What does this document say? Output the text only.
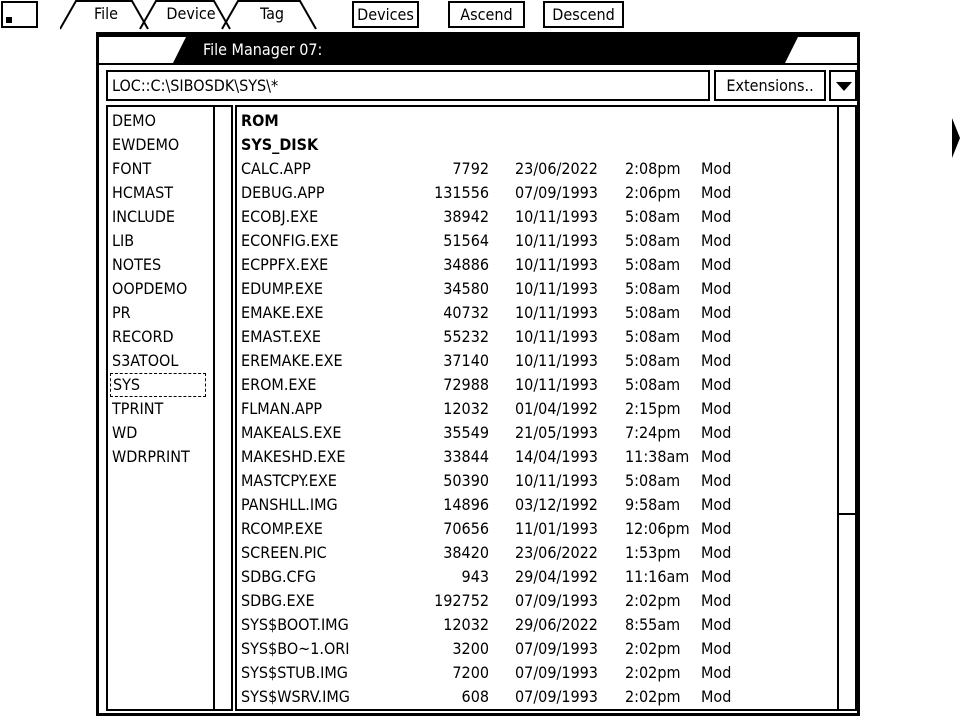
File	Device	Tag	Devices	Ascend	Descend
File Manager 07:
LOC::C:\SIBOSDK\SYS\*	Extensions..
DEMO
EWDEMO
FONT
HCMAST
INCLUDE
LIB
NOTES
OOPDEMO
PR
RECORD
S3ATOOL
SYS
TPRINT
WD
WDRPRINT
ROM
SYS_DISK
CALC.APP	7792 23/06/2022 2:08pm Mod
DEBUG.APP	131556 07/09/1993 2:06pm Mod
ECOBJ.EXE	38942 10/11/1993 5:08am Mod
ECONFIG.EXE	51564 10/11/1993 5:08am Mod
ECPPFX.EXE	34886 10/11/1993 5:08am Mod
EDUMP.EXE	34580 10/11/1993 5:08am Mod
EMAKE.EXE	40732 10/11/1993 5:08am Mod
EMAST.EXE	55232 10/11/1993 5:08am Mod
EREMAKE.EXE	37140 10/11/1993 5:08am Mod
EROM.EXE	72988 10/11/1993 5:08am Mod
FLMAN.APP	12032 01/04/1992 2:15pm Mod
MAKEALS.EXE	35549 21/05/1993 7:24pm Mod
MAKESHD.EXE	33844 14/04/1993 11:38am Mod
MASTCPY.EXE	50390 10/11/1993 5:08am Mod
PANSHLL.IMG	14896 03/12/1992 9:58am Mod
RCOMP.EXE	70656 11/01/1993 12:06pm Mod
SCREEN.PIC	38420 23/06/2022 1:53pm Mod
SDBG.CFG	943 29/04/1992 11:16am Mod
SDBG.EXE	192752 07/09/1993 2:02pm Mod
SYS$BOOT.IMG	12032 29/06/2022 8:55am Mod
SYS$BO~1.ORI	3200 07/09/1993 2:02pm Mod
SYS$STUB.IMG	7200 07/09/1993 2:02pm Mod
SYS$WSRV.IMG	608 07/09/1993 2:02pm Mod
